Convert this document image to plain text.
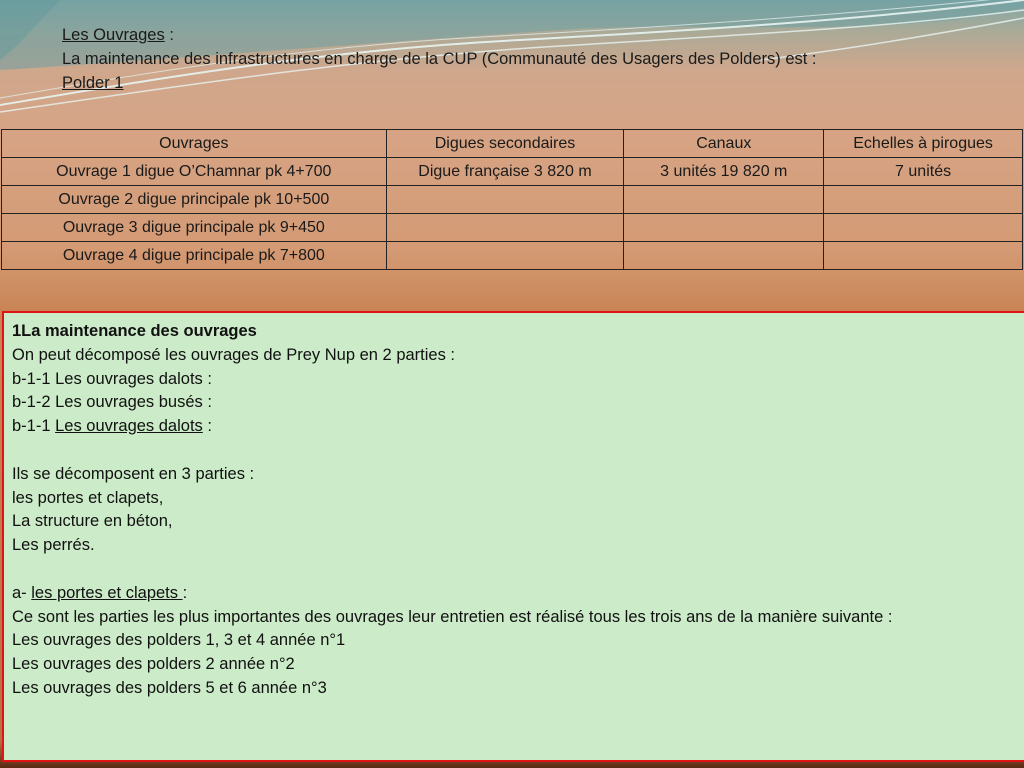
Les Ouvrages :
La maintenance des infrastructures en charge de la CUP (Communauté des Usagers des Polders) est :
Polder 1
Ouvrages	Digues secondaires	Canaux	Echelles à pirogues
Ouvrage 1 digue O’Chamnar pk 4+700	Digue française 3 820 m	3 unités 19 820 m	7 unités
Ouvrage 2 digue principale pk 10+500			
Ouvrage 3 digue principale pk 9+450			
Ouvrage 4 digue principale pk 7+800			

1La maintenance des ouvrages

On peut décomposé les ouvrages de Prey Nup en 2 parties :

b-1-1 Les ouvrages dalots :

b-1-2 Les ouvrages busés :

b-1-1 Les ouvrages dalots :

Ils se décomposent en 3 parties :

les portes et clapets,

La structure en béton,

Les perrés.

a- les portes et clapets :

Ce sont les parties les plus importantes des ouvrages leur entretien est réalisé tous les trois ans de la manière suivante :

Les ouvrages des polders 1, 3 et 4 année n°1

Les ouvrages des polders 2 année n°2

Les ouvrages des polders 5 et 6 année n°3
